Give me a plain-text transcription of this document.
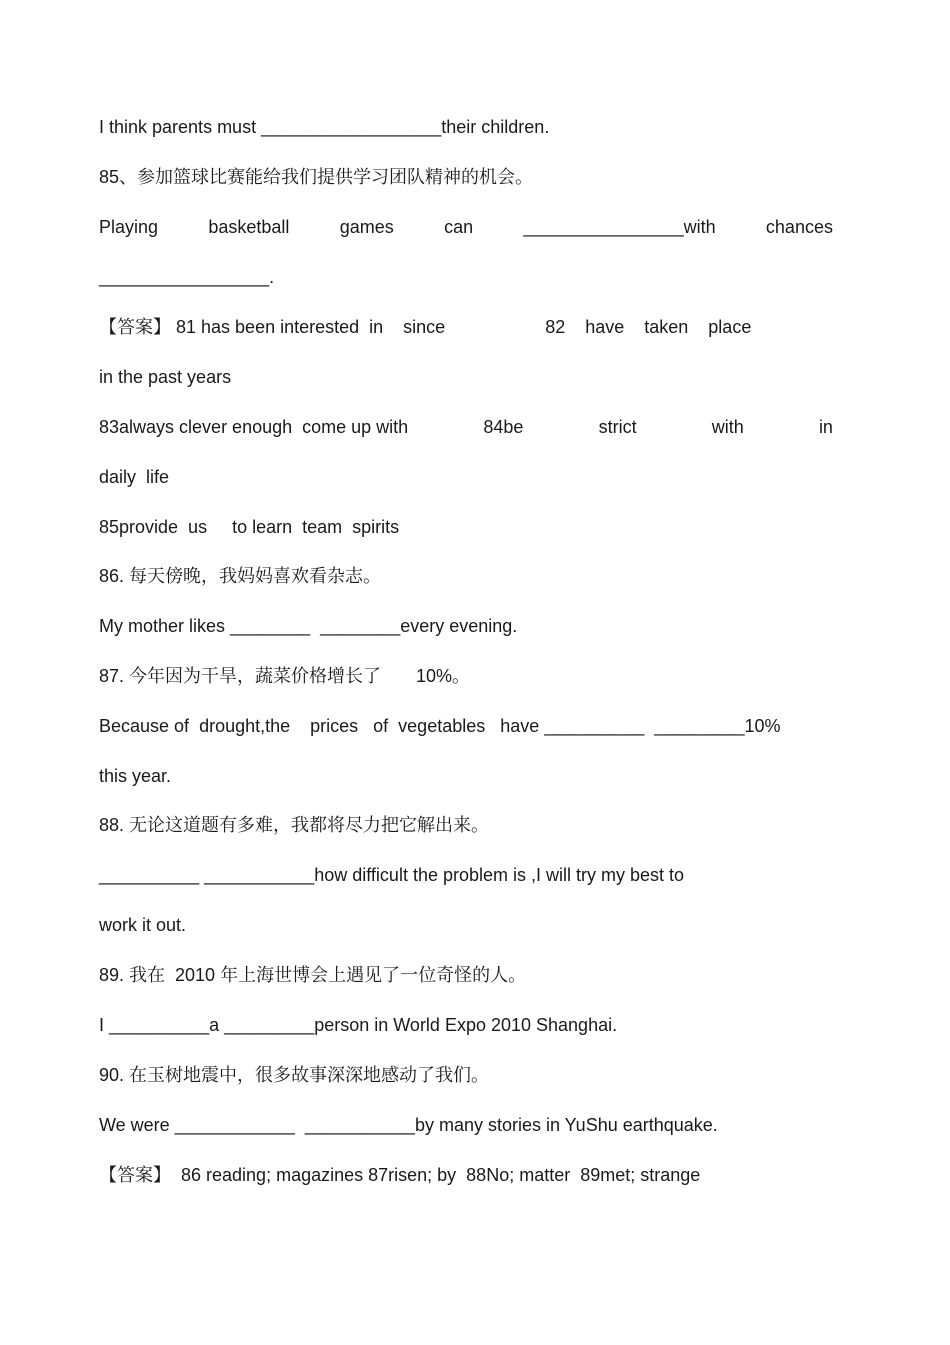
I think parents must __________________their children.
85、参加篮球比赛能给我们提供学习团队精神的机会。
Playing	basketball	games	can	________________with	chances
_________________.
【答案】 81 has been interested  in    since                    82    have    taken    place
in the past years
83always clever enough  come up with	84be	strict	with	in
daily  life
85provide  us     to learn  team  spirits
86. 每天傍晚，我妈妈喜欢看杂志。
My mother likes ________  ________every evening.
87. 今年因为干旱，蔬菜价格增长了       10%。
Because of  drought,the    prices   of  vegetables   have __________  _________10%
this year.
88. 无论这道题有多难，我都将尽力把它解出来。
__________ ___________how difficult the problem is ,I will try my best to
work it out.
89. 我在  2010 年上海世博会上遇见了一位奇怪的人。
I __________a _________person in World Expo 2010 Shanghai.
90. 在玉树地震中，很多故事深深地感动了我们。
We were ____________  ___________by many stories in YuShu earthquake.
【答案】  86 reading; magazines 87risen; by  88No; matter  89met; strange
